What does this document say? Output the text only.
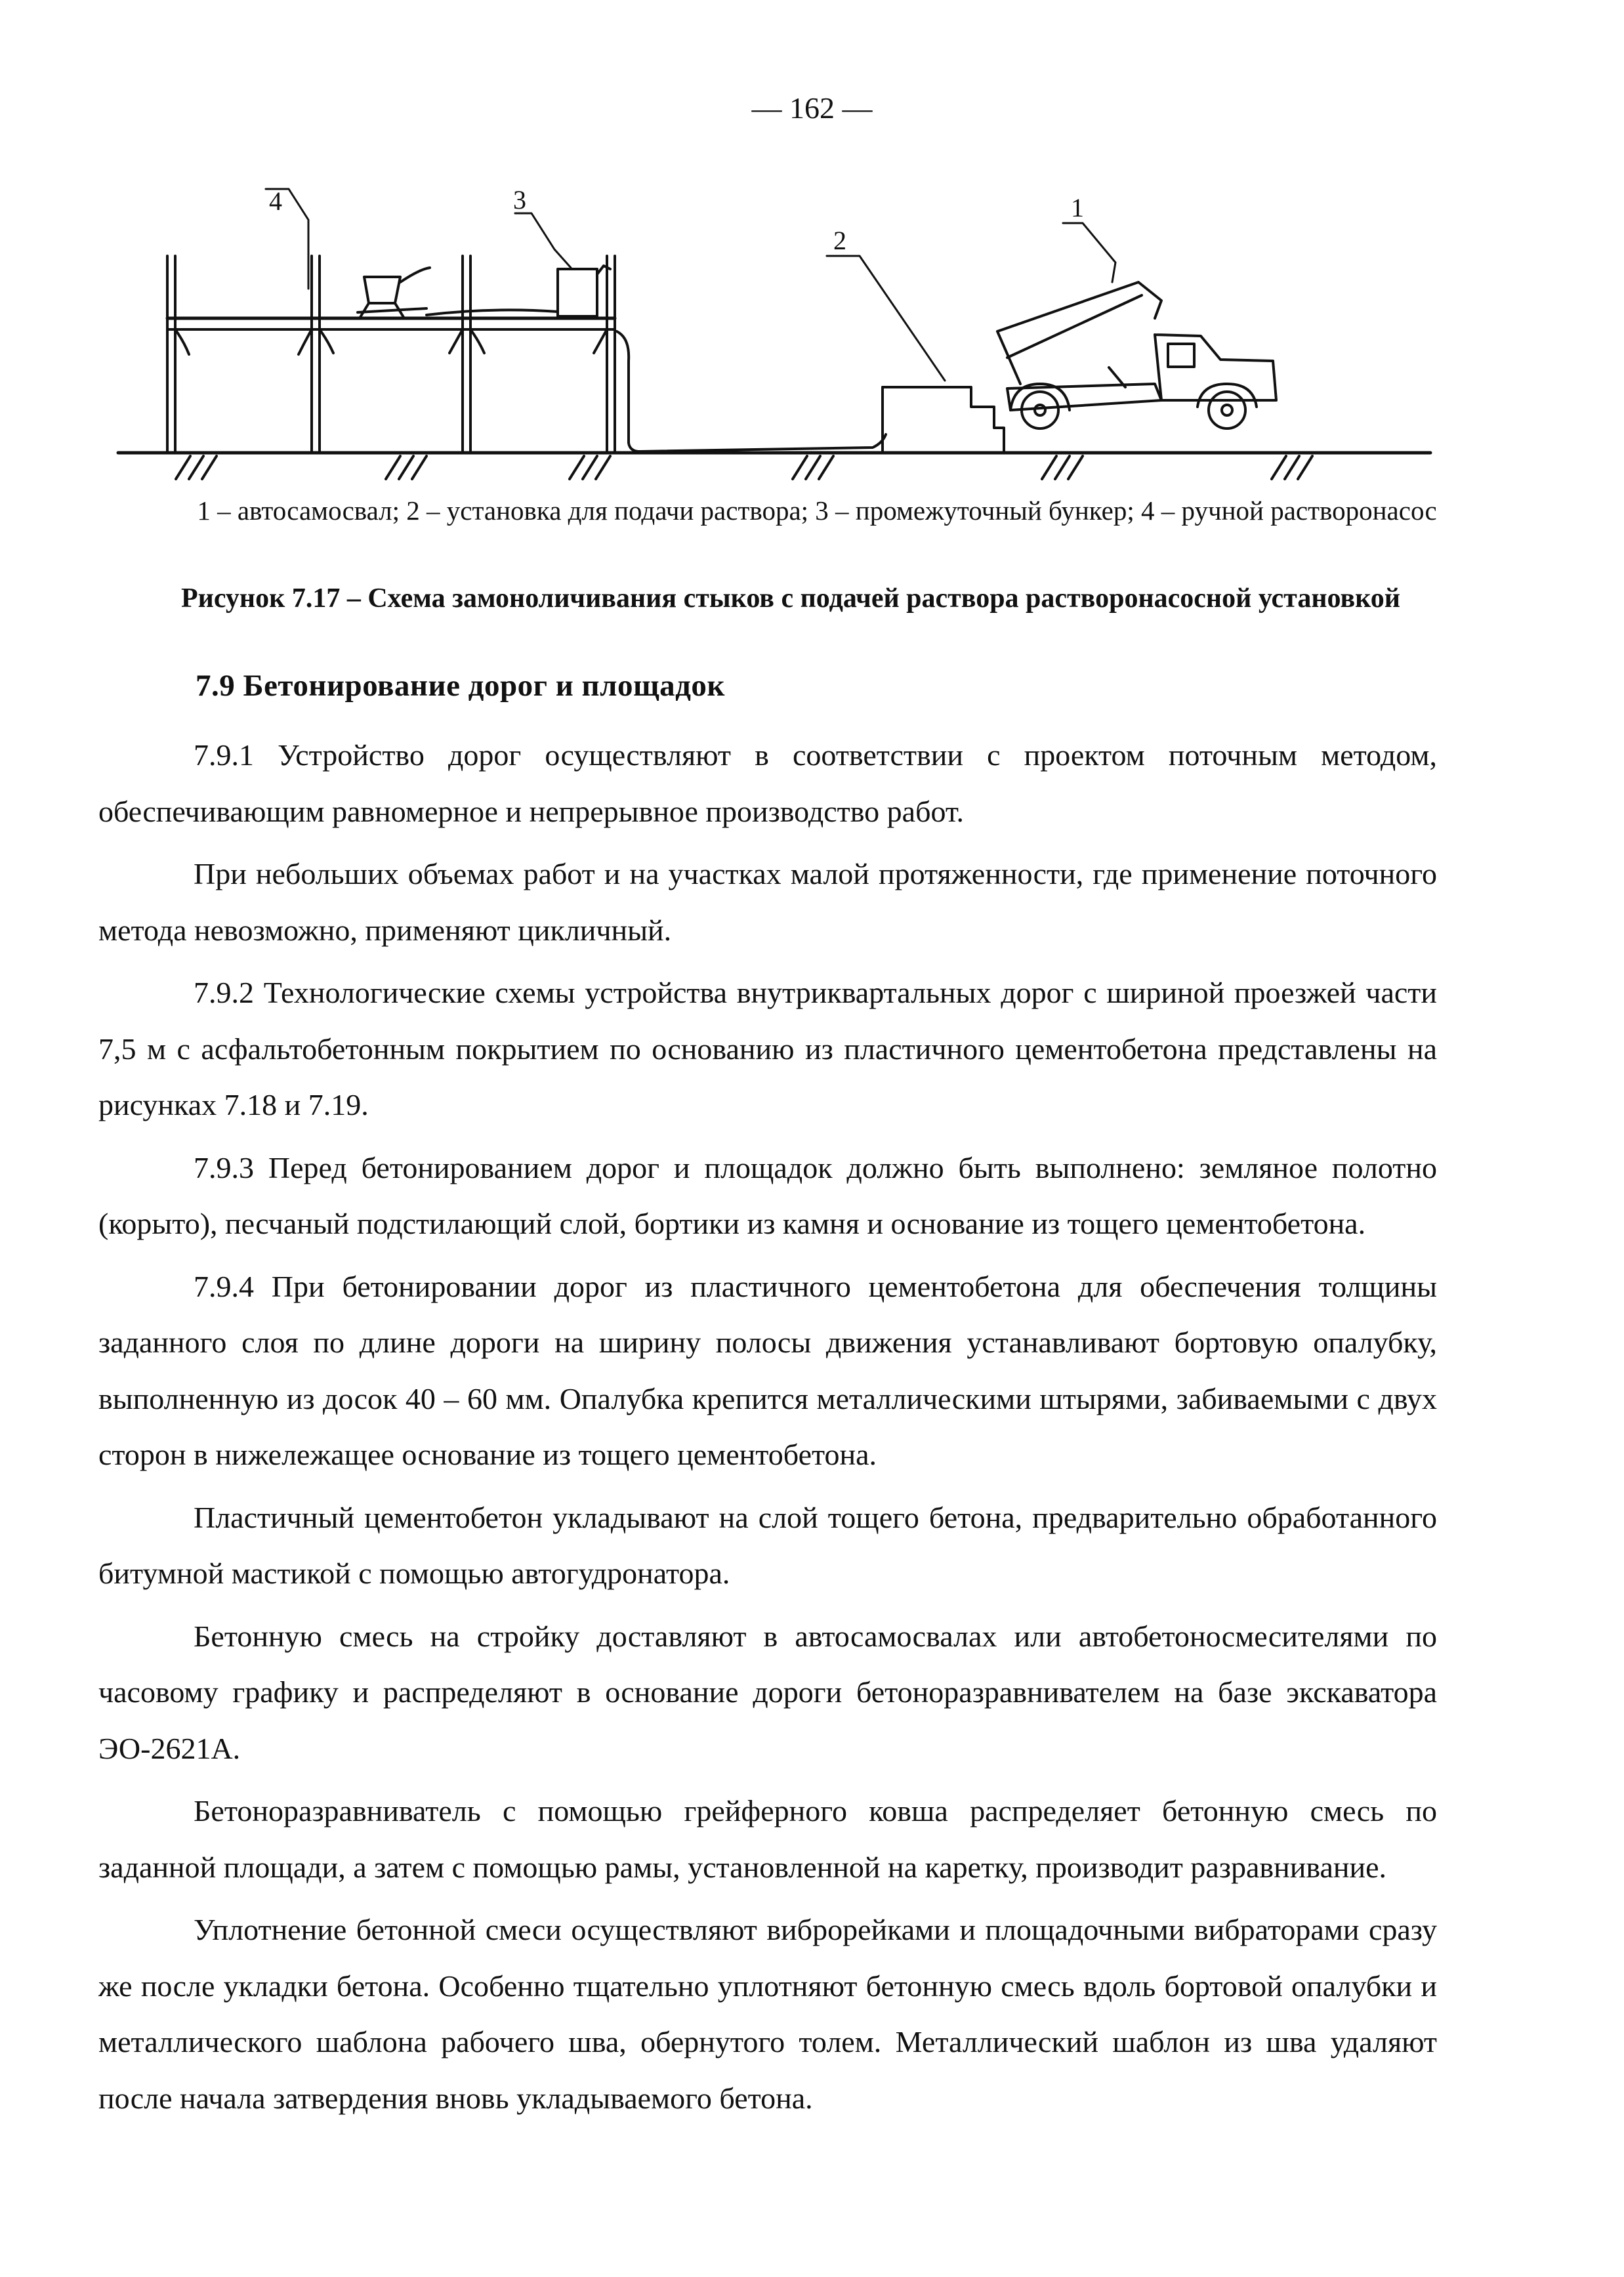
— 162 —
4	3
2
1
1 – автосамосвал; 2 – установка для подачи раствора; 3 – промежуточный бункер; 4 – ручной растворонасос
Рисунок 7.17 – Схема замоноличивания стыков с подачей раствора растворонасосной установкой
7.9 Бетонирование дорог и площадок

7.9.1 Устройство дорог осуществляют в соответствии с проектом поточным методом, обеспечивающим равномерное и непрерывное производство работ.

При небольших объемах работ и на участках малой протяженности, где применение поточного метода невозможно, применяют цикличный.

7.9.2 Технологические схемы устройства внутриквартальных дорог с шириной проезжей части 7,5 м с асфальтобетонным покрытием по основанию из пластичного цементобетона представлены на рисунках 7.18 и 7.19.

7.9.3 Перед бетонированием дорог и площадок должно быть выполнено: земляное полотно (корыто), песчаный подстилающий слой, бортики из камня и основание из тощего цементобетона.

7.9.4 При бетонировании дорог из пластичного цементобетона для обеспечения толщины заданного слоя по длине дороги на ширину полосы движения устанавливают бортовую опалубку, выполненную из досок 40 – 60 мм. Опалубка крепится металлическими штырями, забиваемыми с двух сторон в нижележащее основание из тощего цементобетона.

Пластичный цементобетон укладывают на слой тощего бетона, предварительно обработанного битумной мастикой с помощью автогудронатора.

Бетонную смесь на стройку доставляют в автосамосвалах или автобетоносмесителями по часовому графику и распределяют в основание дороги бетоноразравнивателем на базе экскаватора ЭО-2621А.

Бетоноразравниватель с помощью грейферного ковша распределяет бетонную смесь по заданной площади, а затем с помощью рамы, установленной на каретку, производит разравнивание.

Уплотнение бетонной смеси осуществляют виброрейками и площадочными вибраторами сразу же после укладки бетона. Особенно тщательно уплотняют бетонную смесь вдоль бортовой опалубки и металлического шаблона рабочего шва, обернутого толем. Металлический шаблон из шва удаляют после начала затвердения вновь укладываемого бетона.
